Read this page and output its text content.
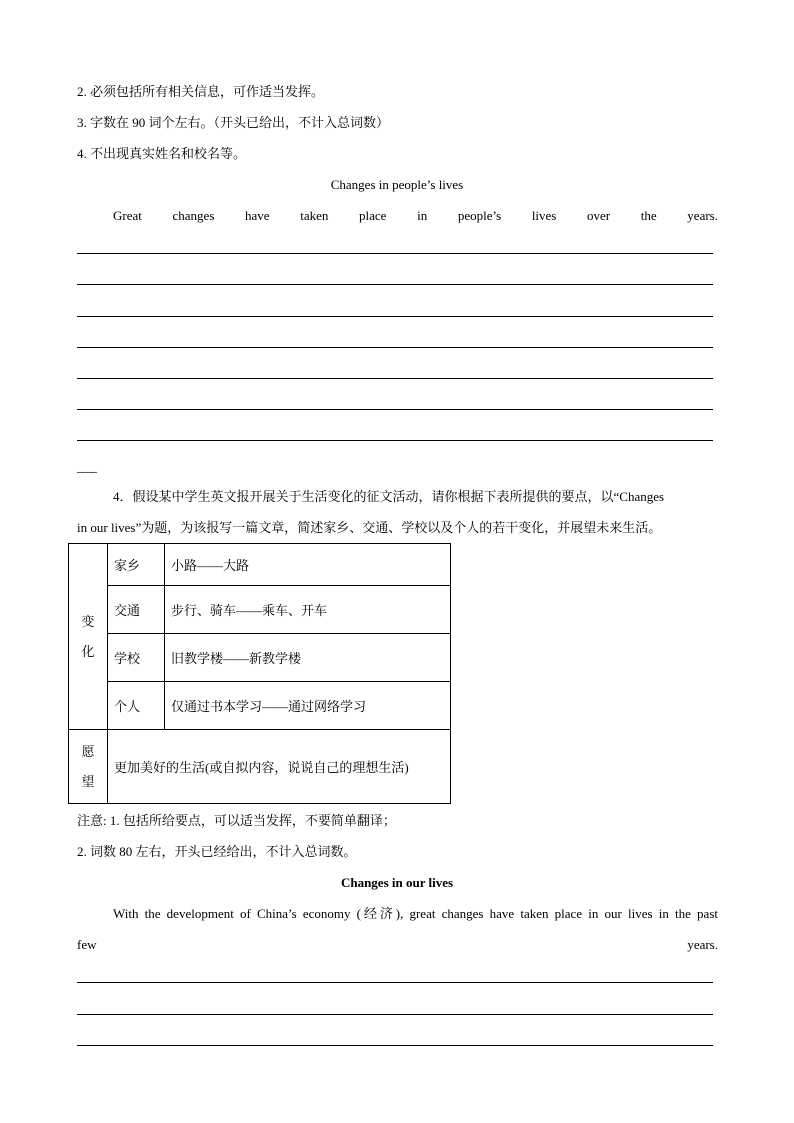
2. 必须包括所有相关信息，可作适当发挥。
3. 字数在 90 词个左右。（开头已给出，不计入总词数）
4. 不出现真实姓名和校名等。
Changes in people’s lives
Great changes have taken place in people’s lives over the years.
____
4．假设某中学生英文报开展关于生活变化的征文活动，请你根据下表所提供的要点，以“Changes
in our lives”为题，为该报写一篇文章，简述家乡、交通、学校以及个人的若干变化，并展望未来生活。
变
化	家乡	小路——大路
	交通	步行、骑车——乘车、开车
	学校	旧教学楼——新教学楼
	个人	仅通过书本学习——通过网络学习

愿
望	更加美好的生活(或自拟内容，说说自己的理想生活)	
注意: 1. 包括所给要点，可以适当发挥，不要简单翻译；
2. 词数 80 左右，开头已经给出，不计入总词数。
Changes in our lives
With the development of China’s economy (经济), great changes have taken place in our lives in the past
few	years.
